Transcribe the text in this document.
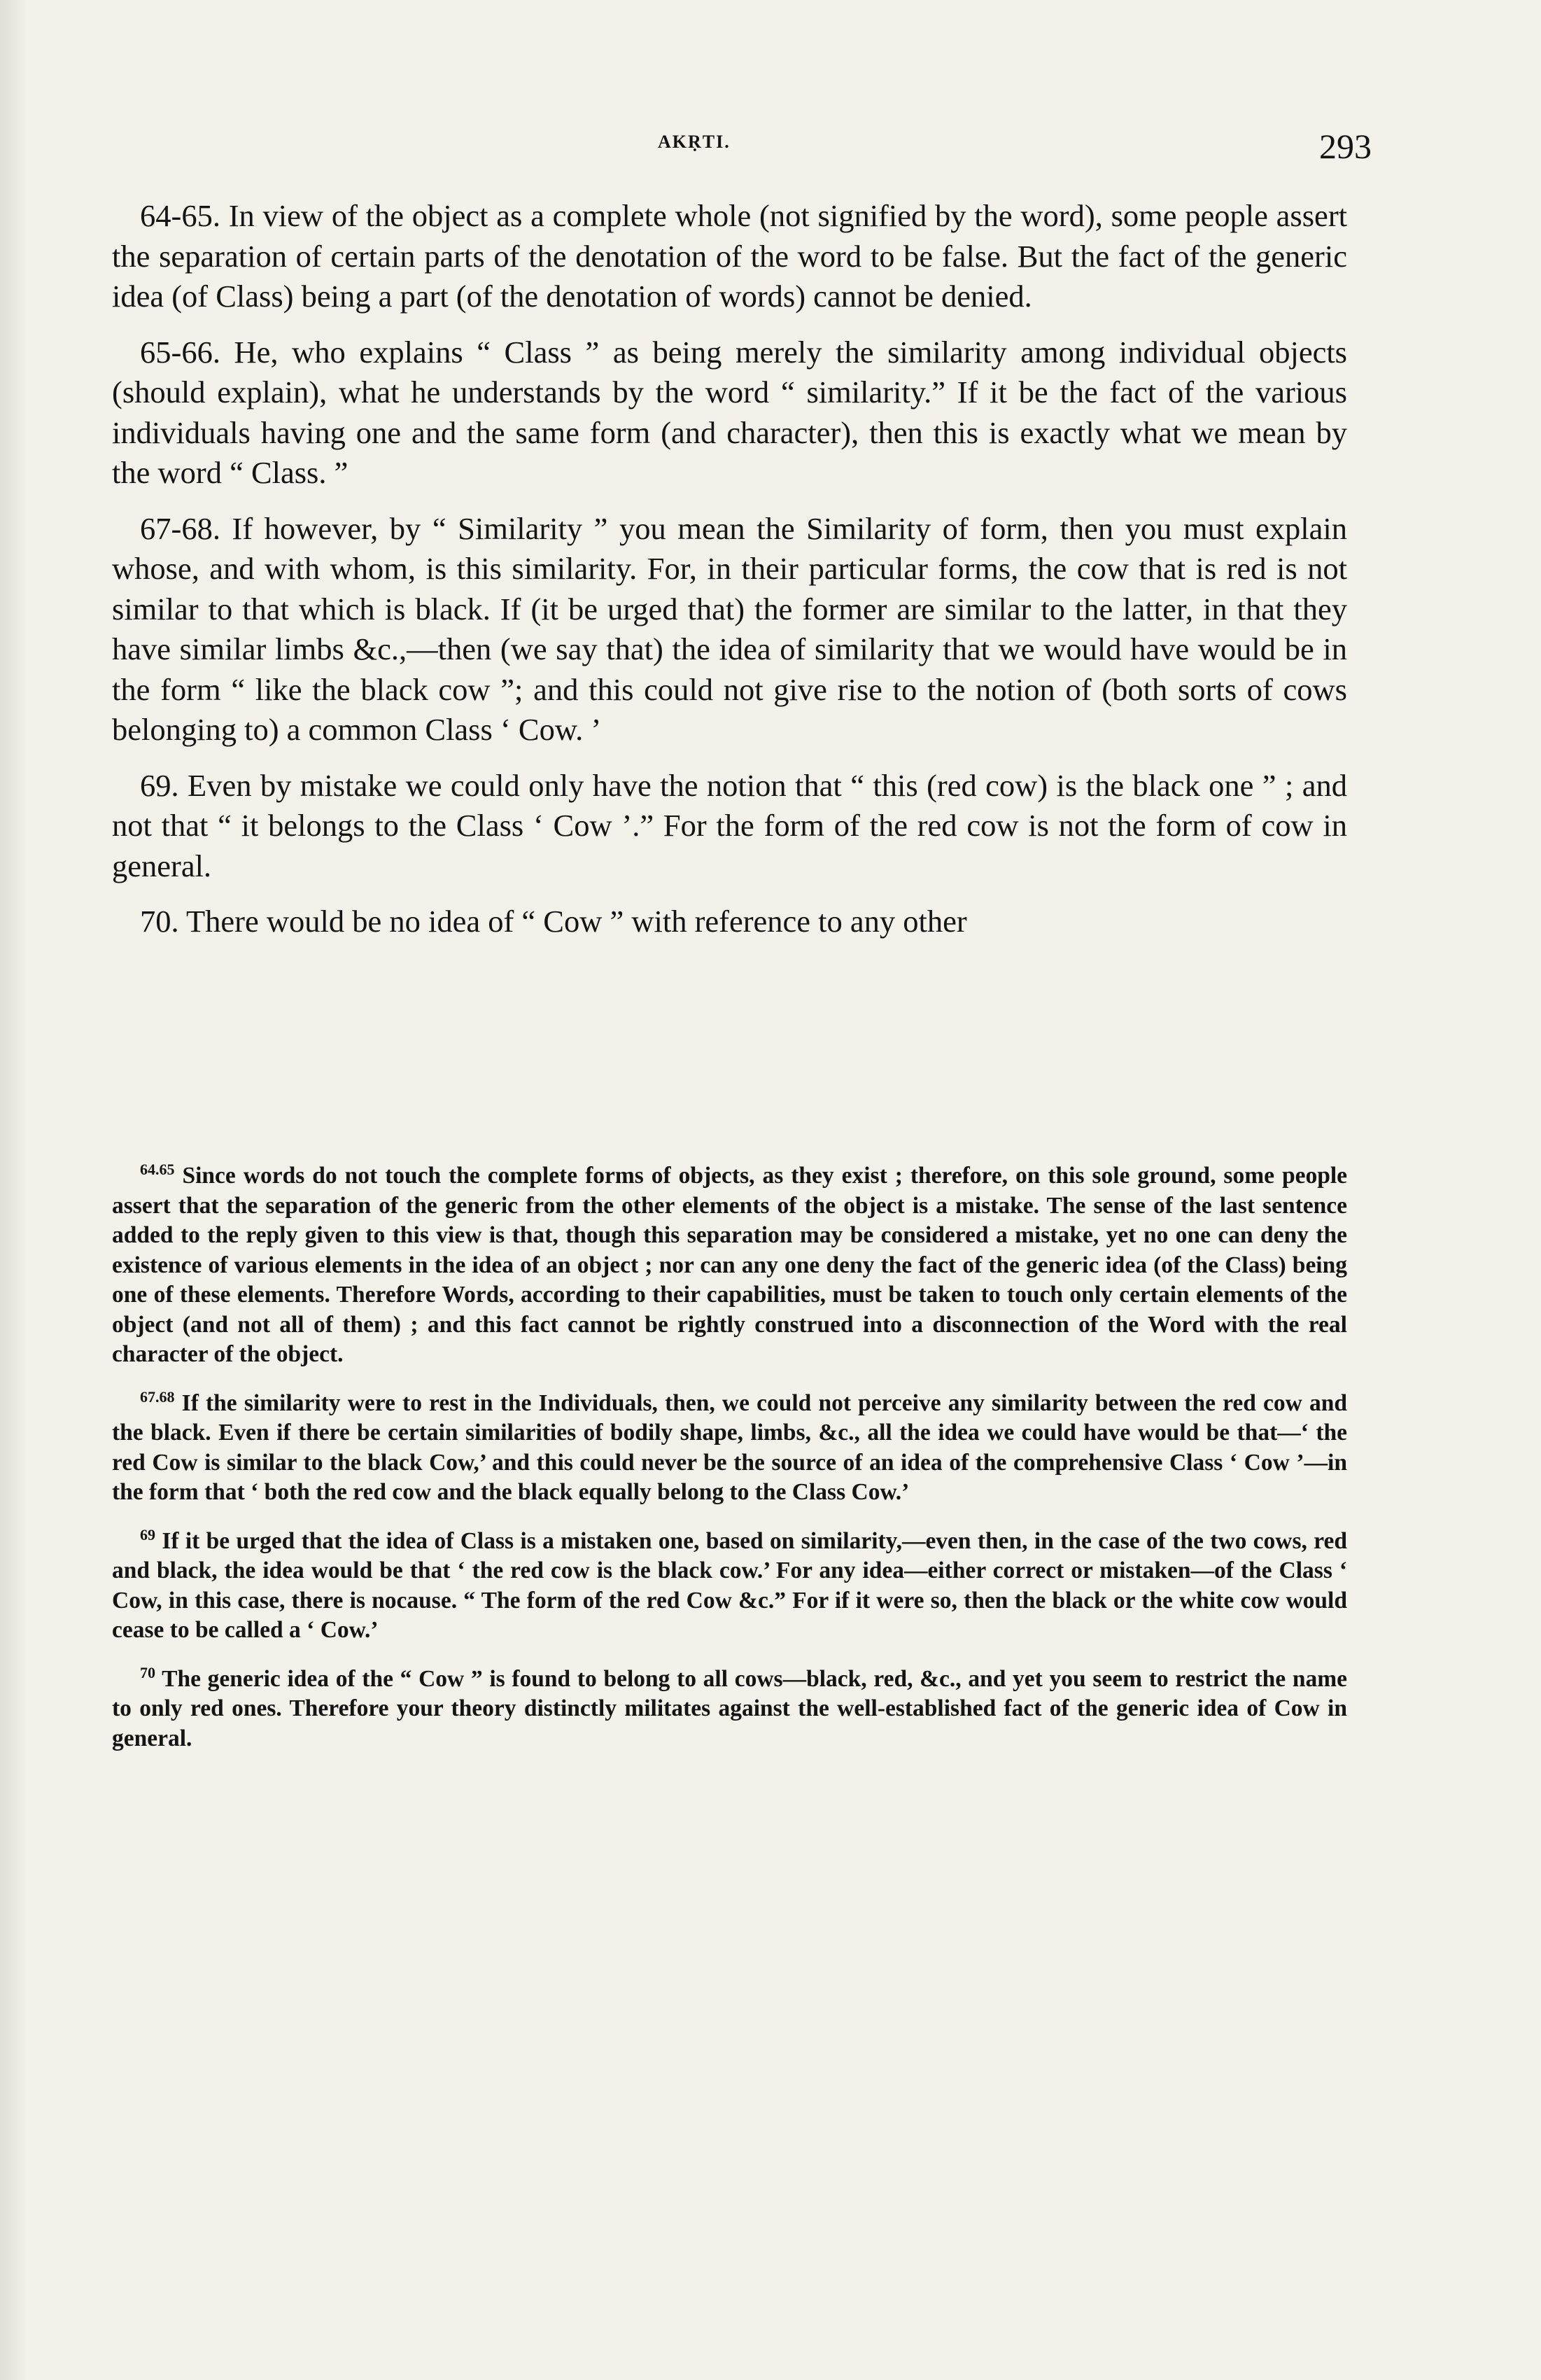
AKṚTI.	293

64-65. In view of the object as a complete whole (not signified by the word), some people assert the separation of certain parts of the denotation of the word to be false. But the fact of the generic idea (of Class) being a part (of the denotation of words) cannot be denied.

65-66. He, who explains “ Class ” as being merely the similarity among individual objects (should explain), what he understands by the word “ similarity.” If it be the fact of the various individuals having one and the same form (and character), then this is exactly what we mean by the word “ Class. ”

67-68. If however, by “ Similarity ” you mean the Similarity of form, then you must explain whose, and with whom, is this similarity. For, in their particular forms, the cow that is red is not similar to that which is black. If (it be urged that) the former are similar to the latter, in that they have similar limbs &c.,—then (we say that) the idea of similarity that we would have would be in the form “ like the black cow ”; and this could not give rise to the notion of (both sorts of cows belonging to) a common Class ‘ Cow. ’

69. Even by mistake we could only have the notion that “ this (red cow) is the black one ” ; and not that “ it belongs to the Class ‘ Cow ’.” For the form of the red cow is not the form of cow in general.

70. There would be no idea of “ Cow ” with reference to any other

$^{64.65}$ Since words do not touch the complete forms of objects, as they exist ; therefore, on this sole ground, some people assert that the separation of the generic from the other elements of the object is a mistake. The sense of the last sentence added to the reply given to this view is that, though this separation may be considered a mistake, yet no one can deny the existence of various elements in the idea of an object ; nor can any one deny the fact of the generic idea (of the Class) being one of these elements. Therefore Words, according to their capabilities, must be taken to touch only certain elements of the object (and not all of them) ; and this fact cannot be rightly construed into a disconnection of the Word with the real character of the object.

$^{67.68}$ If the similarity were to rest in the Individuals, then, we could not perceive any similarity between the red cow and the black. Even if there be certain similarities of bodily shape, limbs, &c., all the idea we could have would be that—‘ the red Cow is similar to the black Cow,’ and this could never be the source of an idea of the comprehensive Class ‘ Cow ’—in the form that ‘ both the red cow and the black equally belong to the Class Cow.’

$^{69}$ If it be urged that the idea of Class is a mistaken one, based on similarity,—even then, in the case of the two cows, red and black, the idea would be that ‘ the red cow is the black cow.’ For any idea—either correct or mistaken—of the Class ‘ Cow, in this case, there is nocause. “ The form of the red Cow &c.” For if it were so, then the black or the white cow would cease to be called a ‘ Cow.’

$^{70}$ The generic idea of the “ Cow ” is found to belong to all cows—black, red, &c., and yet you seem to restrict the name to only red ones. Therefore your theory distinctly militates against the well-established fact of the generic idea of Cow in general.
